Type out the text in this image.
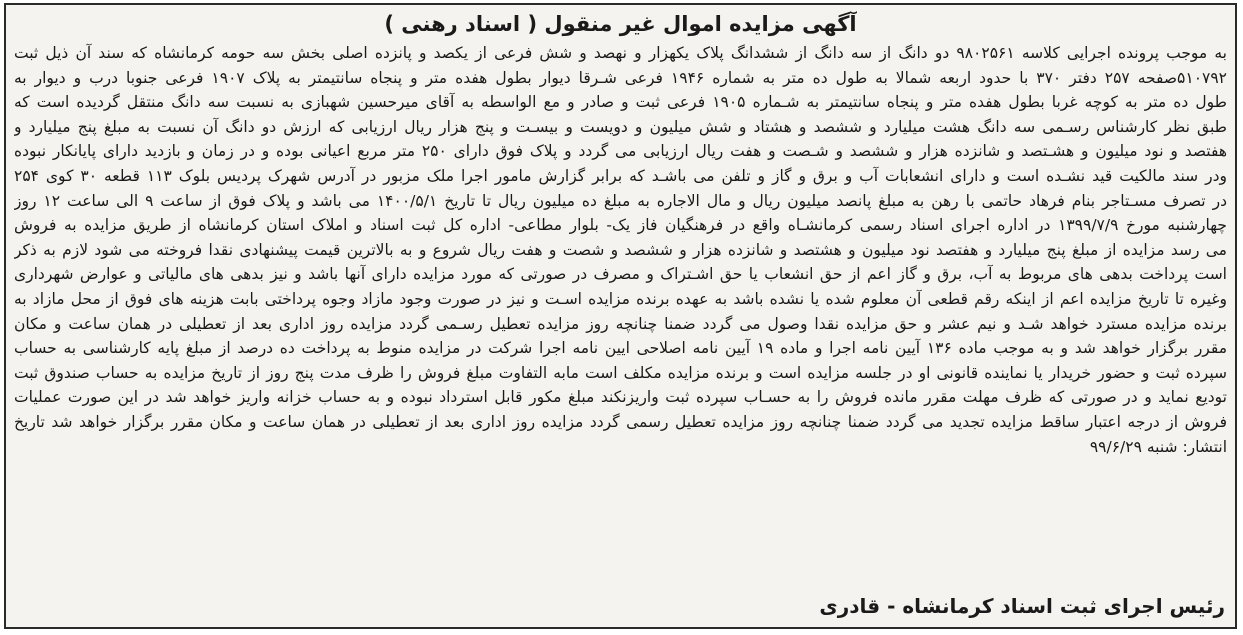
آگهی مزایده اموال غیر منقول ( اسناد رهنی )
به موجب پرونده اجرایی کلاسه ۹۸۰۲۵۶۱ دو دانگ از سه دانگ از ششدانگ پلاک یکهزار و نهصد و شش فرعی از یکصد و پانزده اصلی بخش سه حومه کرمانشاه که سند آن ذیل ثبت
۵۱۰۷۹۲صفحه ۲۵۷ دفتر ۳۷۰ با حدود اربعه شمالا به طول ده متر به شماره ۱۹۴۶ فرعی شـرقا دیوار بطول هفده متر و پنجاه سانتیمتر به پلاک ۱۹۰۷ فرعی جنوبا درب و دیوار به
طول ده متر به کوچه غربا بطول هفده متر و پنجاه سانتیمتر به شـماره ۱۹۰۵ فرعی ثبت و صادر و مع الواسطه به آقای میرحسین شهبازی به نسبت سه دانگ منتقل گردیده است که
طبق نظر کارشناس رسـمی سه دانگ هشت میلیارد و ششصد و هشتاد و شش میلیون و دویست و بیسـت و پنج هزار ریال ارزیابی که ارزش دو دانگ آن نسبت به مبلغ پنج میلیارد و
هفتصد و نود میلیون و هشـتصد و شانزده هزار و ششصد و شـصت و هفت ریال ارزیابی می گردد و پلاک فوق دارای ۲۵۰ متر مربع اعیانی بوده و در زمان و بازدید دارای پایانکار نبوده
ودر سند مالکیت قید نشـده است و دارای انشعابات آب و برق و گاز و تلفن می باشـد که برابر گزارش مامور اجرا ملک مزبور در آدرس شهرک پردیس بلوک ۱۱۳ قطعه ۳۰ کوی ۲۵۴
در تصرف مسـتاجر بنام فرهاد حاتمی با رهن به مبلغ پانصد میلیون ریال و مال الاجاره به مبلغ ده میلیون ریال تا تاریخ ۱۴۰۰/۵/۱ می باشد و پلاک فوق از ساعت ۹ الی ساعت ۱۲ روز
چهارشنبه مورخ ۱۳۹۹/۷/۹ در اداره اجرای اسناد رسمی کرمانشـاه واقع در فرهنگیان فاز یک- بلوار مطاعی- اداره کل ثبت اسناد و املاک استان کرمانشاه از طریق مزایده به فروش
می رسد مزایده از مبلغ پنج میلیارد و هفتصد نود میلیون و هشتصد و شانزده هزار و ششصد و شصت و هفت ریال شروع و به بالاترین قیمت پیشنهادی نقدا فروخته می شود لازم به ذکر
است پرداخت بدهی های مربوط به آب، برق و گاز اعم از حق انشعاب یا حق اشـتراک و مصرف در صورتی که مورد مزایده دارای آنها باشد و نیز بدهی های مالیاتی و عوارض شهرداری
وغیره تا تاریخ مزایده اعم از اینکه رقم قطعی آن معلوم شده یا نشده باشد به عهده برنده مزایده اسـت و نیز در صورت وجود مازاد وجوه پرداختی بابت هزینه های فوق از محل مازاد به
برنده مزایده مسترد خواهد شـد و نیم عشر و حق مزایده نقدا وصول می گردد ضمنا چنانچه روز مزایده تعطیل رسـمی گردد مزایده روز اداری بعد از تعطیلی در همان ساعت و مکان
مقرر برگزار خواهد شد و به موجب ماده ۱۳۶ آیین نامه اجرا و ماده ۱۹ آیین نامه اصلاحی ایین نامه اجرا شرکت در مزایده منوط به پرداخت ده درصد از مبلغ پایه کارشناسی به حساب
سپرده ثبت و حضور خریدار یا نماینده قانونی او در جلسه مزایده است و برنده مزایده مکلف است مابه التفاوت مبلغ فروش را ظرف مدت پنج روز از تاریخ مزایده به حساب صندوق ثبت
تودیع نماید و در صورتی که ظرف مهلت مقرر مانده فروش را به حسـاب سپرده ثبت واریزنکند مبلغ مکور قابل استرداد نبوده و به حساب خزانه واریز خواهد شد در این صورت عملیات
فروش از درجه اعتبار ساقط مزایده تجدید می گردد ضمنا چنانچه روز مزایده تعطیل رسمی گردد مزایده روز اداری بعد از تعطیلی در همان ساعت و مکان مقرر برگزار خواهد شد تاریخ
انتشار: شنبه ۹۹/۶/۲۹
رئیس اجرای ثبت اسناد کرمانشاه - قادری
